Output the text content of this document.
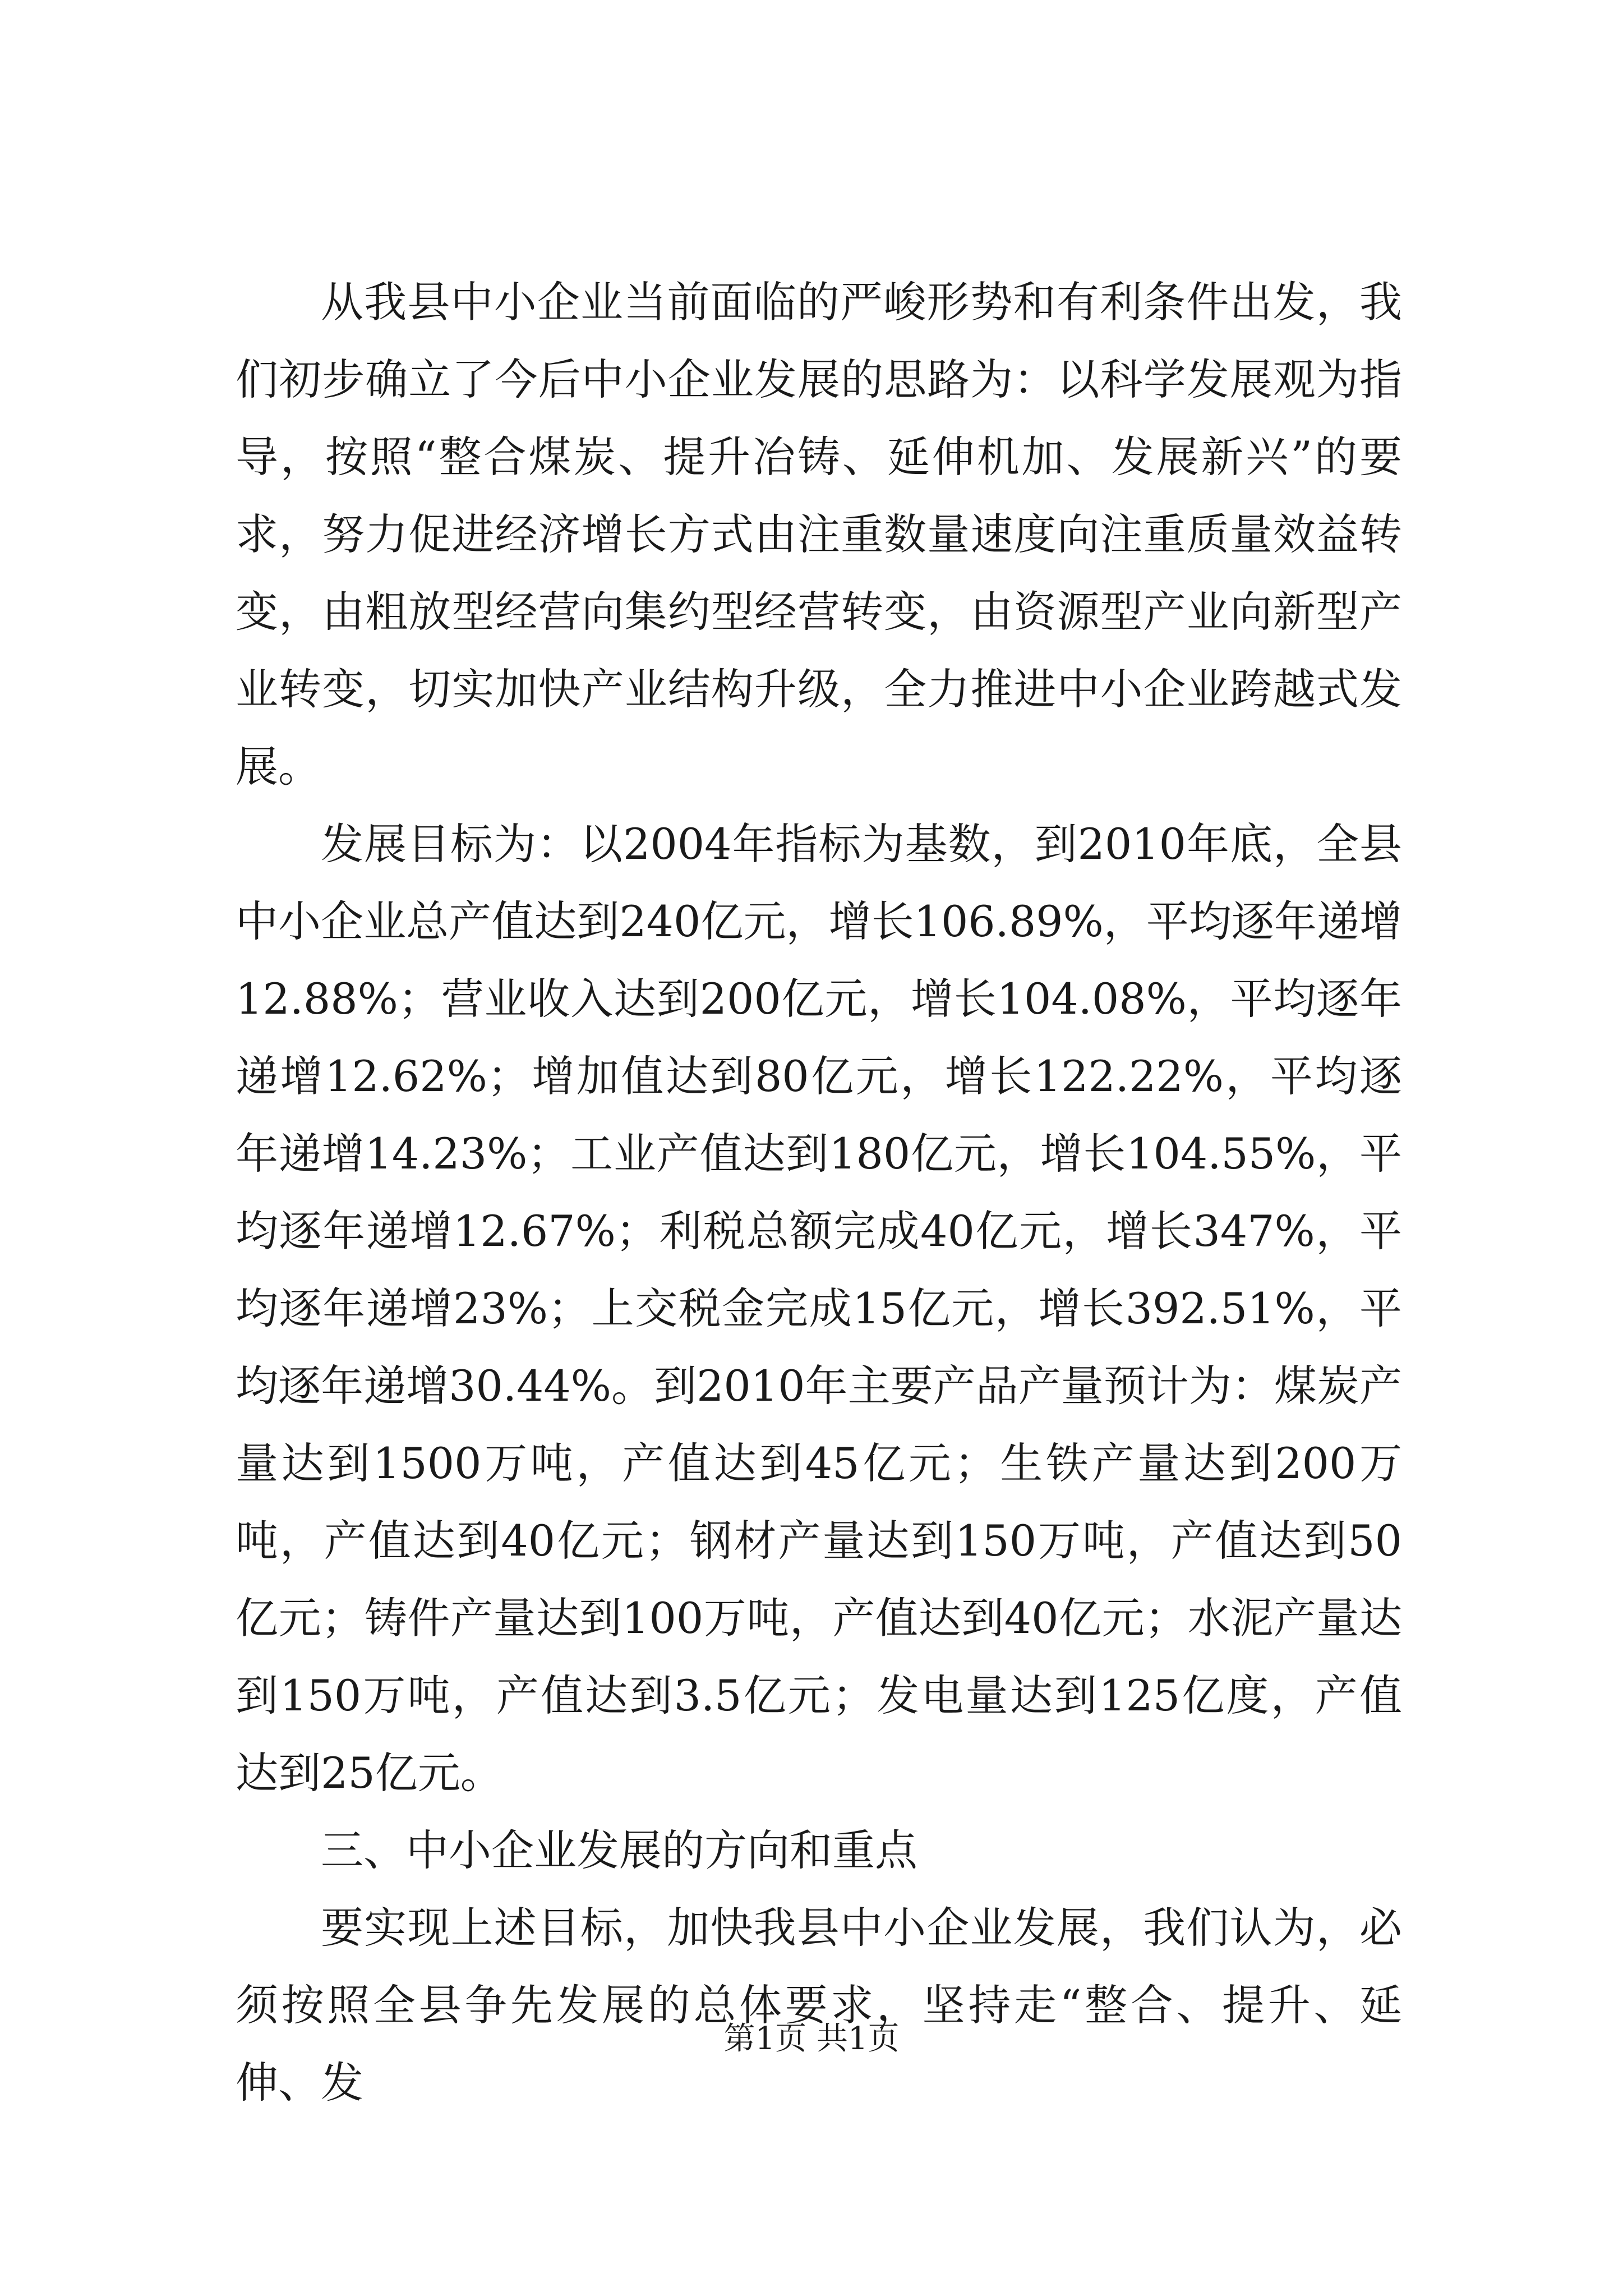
从我县中小企业当前面临的严峻形势和有利条件出发，我们初步确立了今后中小企业发展的思路为：以科学发展观为指导，按照“整合煤炭、提升冶铸、延伸机加、发展新兴”的要求，努力促进经济增长方式由注重数量速度向注重质量效益转变，由粗放型经营向集约型经营转变，由资源型产业向新型产业转变，切实加快产业结构升级，全力推进中小企业跨越式发展。

发展目标为：以2004年指标为基数，到2010年底，全县中小企业总产值达到240亿元，增长106.89%，平均逐年递增12.88%；营业收入达到200亿元，增长104.08%，平均逐年递增12.62%；增加值达到80亿元，增长122.22%，平均逐年递增14.23%；工业产值达到180亿元，增长104.55%，平均逐年递增12.67%；利税总额完成40亿元，增长347%，平均逐年递增23%；上交税金完成15亿元，增长392.51%，平均逐年递增30.44%。到2010年主要产品产量预计为：煤炭产量达到1500万吨，产值达到45亿元；生铁产量达到200万吨，产值达到40亿元；钢材产量达到150万吨，产值达到50亿元；铸件产量达到100万吨，产值达到40亿元；水泥产量达到150万吨，产值达到3.5亿元；发电量达到125亿度，产值达到25亿元。

三、中小企业发展的方向和重点

要实现上述目标，加快我县中小企业发展，我们认为，必须按照全县争先发展的总体要求，坚持走“整合、提升、延伸、发

第1页 共1页
